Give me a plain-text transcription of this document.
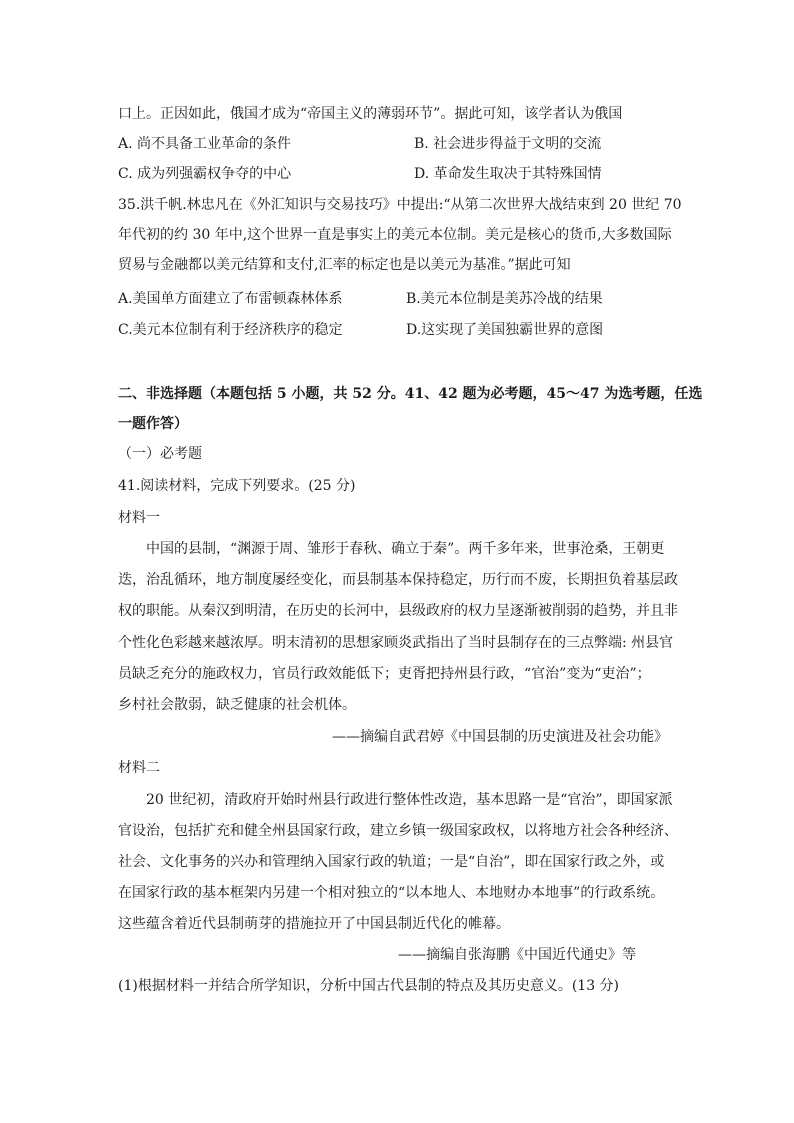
口上。正因如此，俄国才成为“帝国主义的薄弱环节”。据此可知，该学者认为俄国
A. 尚不具备工业革命的条件	B. 社会进步得益于文明的交流
C. 成为列强霸权争夺的中心	D. 革命发生取决于其特殊国情
35.洪千帆.林忠凡在《外汇知识与交易技巧》中提出:“从第二次世界大战结束到 20 世纪 70
年代初的约 30 年中,这个世界一直是事实上的美元本位制。美元是核心的货币,大多数国际
贸易与金融都以美元结算和支付,汇率的标定也是以美元为基准。”据此可知
A.美国单方面建立了布雷顿森林体系	B.美元本位制是美苏冷战的结果
C.美元本位制有利于经济秩序的稳定	D.这实现了美国独霸世界的意图
二、非选择题（本题包括 5 小题，共 52 分。41、42 题为必考题，45～47 为选考题，任选
一题作答）
（一）必考题
41.阅读材料，完成下列要求。(25 分)
材料一
中国的县制，“渊源于周、雏形于春秋、确立于秦”。两千多年来，世事沧桑，王朝更
迭，治乱循环，地方制度屡经变化，而县制基本保持稳定，历行而不废，长期担负着基层政
权的职能。从秦汉到明清，在历史的长河中，县级政府的权力呈逐渐被削弱的趋势，并且非
个性化色彩越来越浓厚。明末清初的思想家顾炎武指出了当时县制存在的三点弊端: 州县官
员缺乏充分的施政权力，官员行政效能低下；吏胥把持州县行政，“官治”变为“吏治”；
乡村社会散弱，缺乏健康的社会机体。
——摘编自武君婷《中国县制的历史演进及社会功能》
材料二
20 世纪初，清政府开始时州县行政进行整体性改造，基本思路一是“官治”，即国家派
官设治，包括扩充和健全州县国家行政，建立乡镇一级国家政权，以将地方社会各种经济、
社会、文化事务的兴办和管理纳入国家行政的轨道；一是“自治”，即在国家行政之外，或
在国家行政的基本框架内另建一个相对独立的“以本地人、本地财办本地事”的行政系统。
这些蕴含着近代县制萌芽的措施拉开了中国县制近代化的帷幕。
——摘编自张海鹏《中国近代通史》等
(1)根据材料一并结合所学知识，分析中国古代县制的特点及其历史意义。(13 分)
